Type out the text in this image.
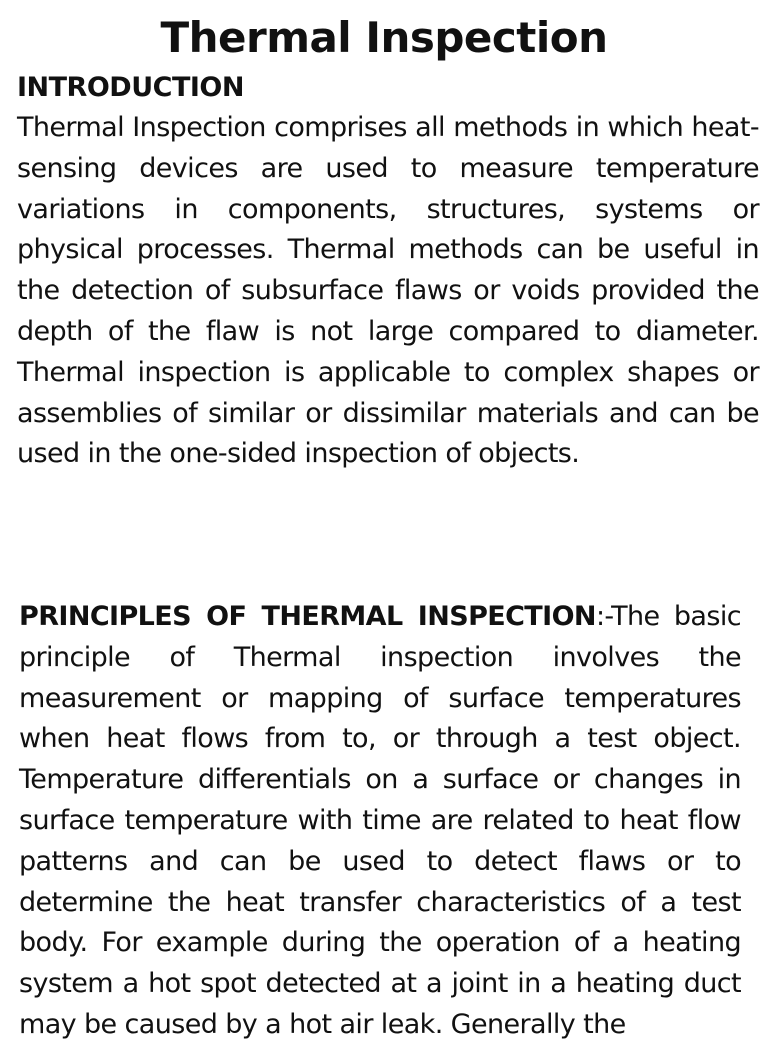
Thermal Inspection
INTRODUCTION

Thermal Inspection comprises all methods in which heat-sensing devices are used to measure temperature variations in components, structures, systems or physical processes. Thermal methods can be useful in the detection of subsurface flaws or voids provided the depth of the flaw is not large compared to diameter. Thermal inspection is applicable to complex shapes or assemblies of similar or dissimilar materials and can be used in the one-sided inspection of objects.

PRINCIPLES OF THERMAL INSPECTION:-The basic principle of Thermal inspection involves the measurement or mapping of surface temperatures when heat flows from to, or through a test object. Temperature differentials on a surface or changes in surface temperature with time are related to heat flow patterns and can be used to detect flaws or to determine the heat transfer characteristics of a test body. For example during the operation of a heating system a hot spot detected at a joint in a heating duct may be caused by a hot air leak. Generally the
